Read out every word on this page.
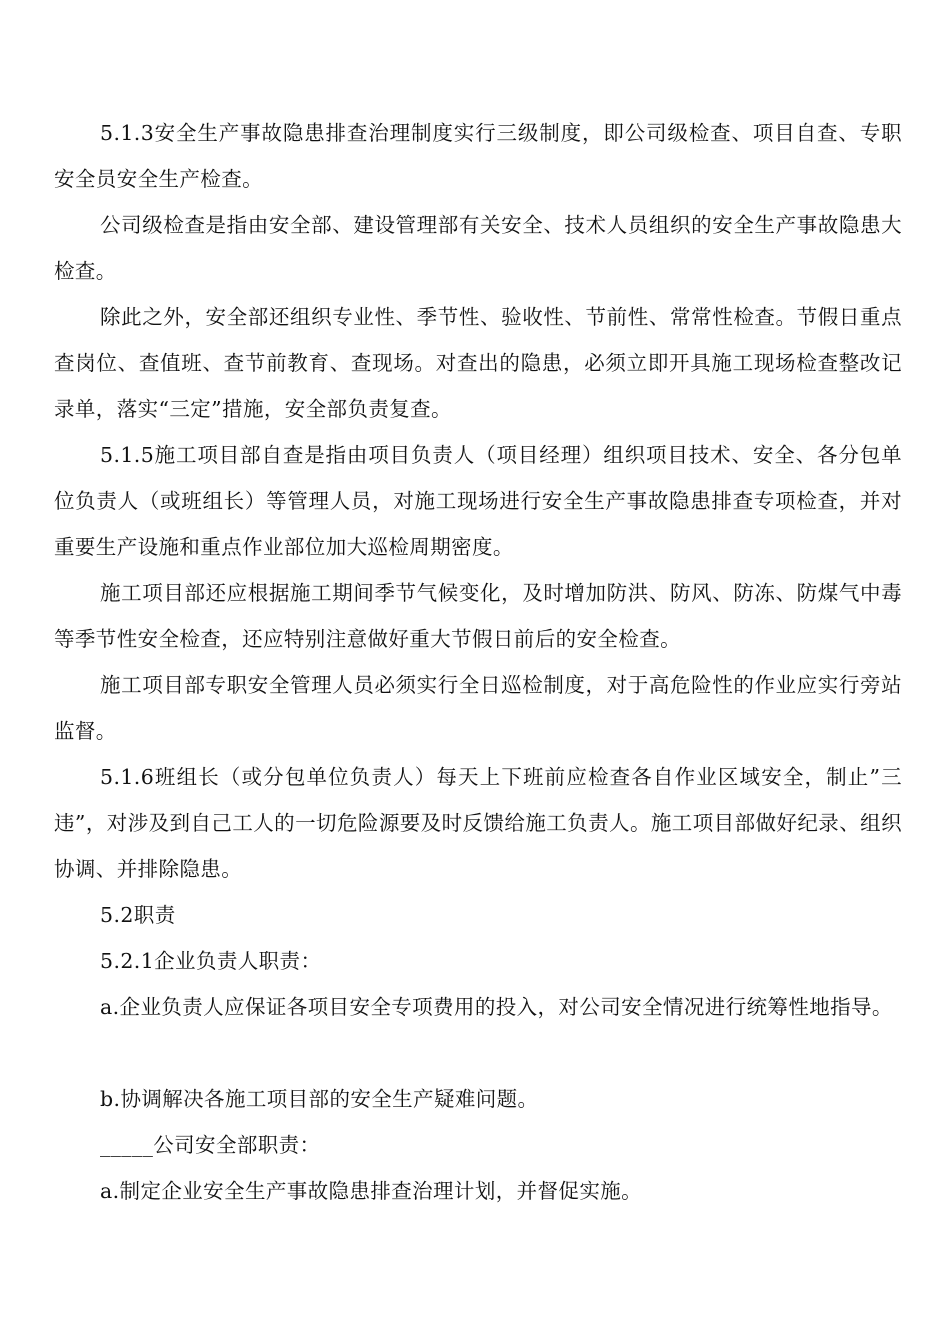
5.1.3安全生产事故隐患排查治理制度实行三级制度，即公司级检查、项目自查、专职安全员安全生产检查。

公司级检查是指由安全部、建设管理部有关安全、技术人员组织的安全生产事故隐患大检查。

除此之外，安全部还组织专业性、季节性、验收性、节前性、常常性检查。节假日重点查岗位、查值班、查节前教育、查现场。对查出的隐患，必须立即开具施工现场检查整改记录单，落实“三定”措施，安全部负责复查。

5.1.5施工项目部自查是指由项目负责人（项目经理）组织项目技术、安全、各分包单位负责人（或班组长）等管理人员，对施工现场进行安全生产事故隐患排查专项检查，并对重要生产设施和重点作业部位加大巡检周期密度。

施工项目部还应根据施工期间季节气候变化，及时增加防洪、防风、防冻、防煤气中毒等季节性安全检查，还应特别注意做好重大节假日前后的安全检查。

施工项目部专职安全管理人员必须实行全日巡检制度，对于高危险性的作业应实行旁站监督。

5.1.6班组长（或分包单位负责人）每天上下班前应检查各自作业区域安全，制止”三违”，对涉及到自己工人的一切危险源要及时反馈给施工负责人。施工项目部做好纪录、组织协调、并排除隐患。

5.2职责

5.2.1企业负责人职责：

a.企业负责人应保证各项目安全专项费用的投入，对公司安全情况进行统筹性地指导。

b.协调解决各施工项目部的安全生产疑难问题。

_____公司安全部职责：

a.制定企业安全生产事故隐患排查治理计划，并督促实施。
